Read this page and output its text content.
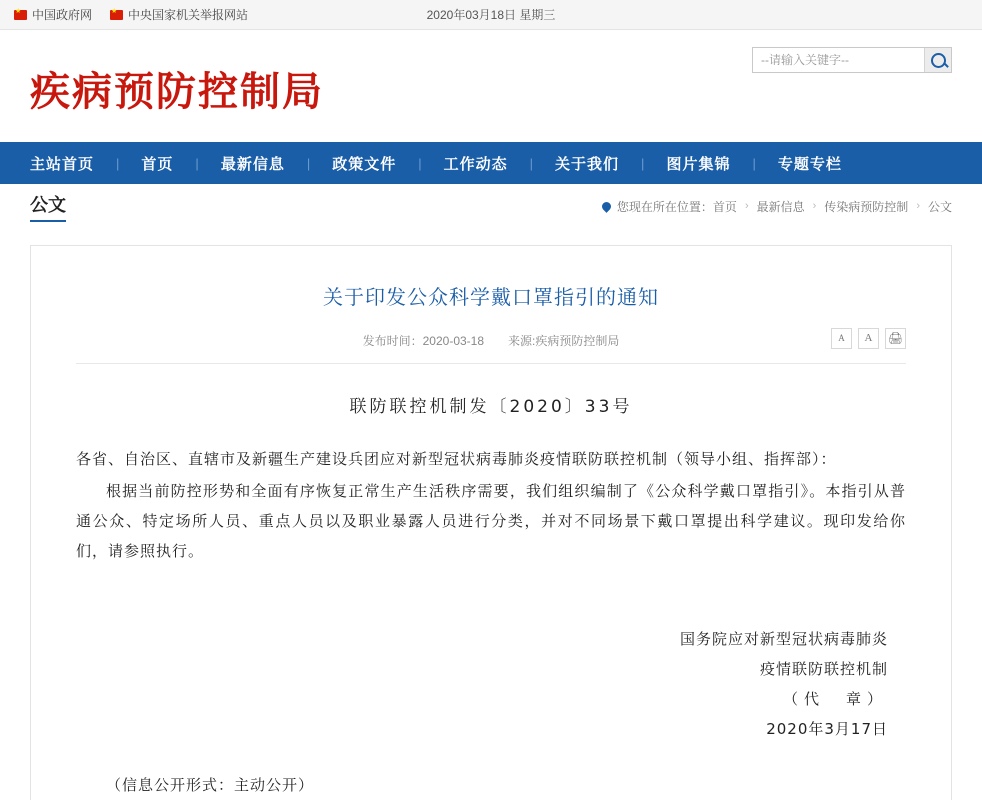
★
中国政府网 ★	中央国家机关举报网站	2020年03月18日 星期三
疾病预防控制局
--请输入关键字--
主站首页 | 首页 | 最新信息 | 政策文件 | 工作动态 | 关于我们 | 图片集锦 | 专题专栏
公文	您现在所在位置： 首页 › 最新信息 › 传染病预防控制 › 公文
关于印发公众科学戴口罩指引的通知
发布时间：2020-03-18 来源:疾病预防控制局	A	A	🖨
联防联控机制发〔2020〕33号

各省、自治区、直辖市及新疆生产建设兵团应对新型冠状病毒肺炎疫情联防联控机制（领导小组、指挥部）：

根据当前防控形势和全面有序恢复正常生产生活秩序需要，我们组织编制了《公众科学戴口罩指引》。本指引从普通公众、特定场所人员、重点人员以及职业暴露人员进行分类，并对不同场景下戴口罩提出科学建议。现印发给你们，请参照执行。

国务院应对新型冠状病毒肺炎
疫情联防联控机制
（代　章）
2020年3月17日
（信息公开形式：主动公开）
